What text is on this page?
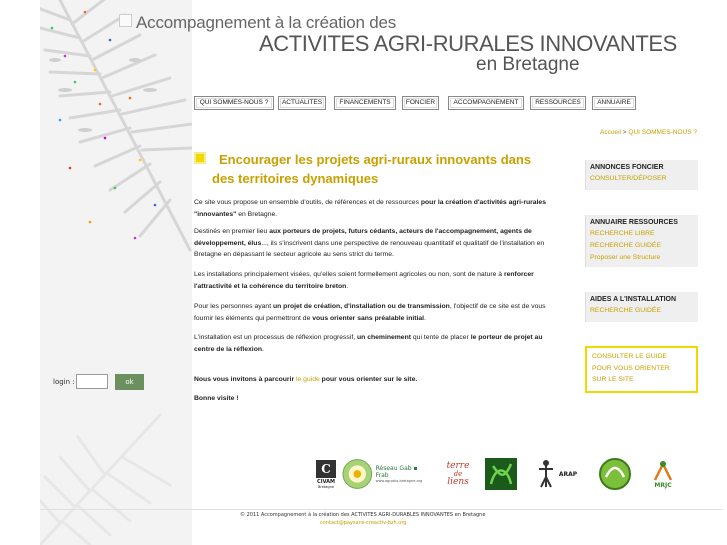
Accompagnement à la création des
ACTIVITES AGRI-RURALES INNOVANTES
en Bretagne
QUI SOMMES-NOUS ?	ACTUALITÉS	FINANCEMENTS	FONCIER	ACCOMPAGNEMENT	RESSOURCES	ANNUAIRE
Accueil > QUI SOMMES-NOUS ?
Encourager les projets agri-ruraux innovants dans des territoires dynamiques
Ce site vous propose un ensemble d'outils, de références et de ressources pour la création d'activités agri-rurales "innovantes" en Bretagne.
Destinés en premier lieu aux porteurs de projets, futurs cédants, acteurs de l'accompagnement, agents de développement, élus..., ils s'inscrivent dans une perspective de renouveau quantitatif et qualitatif de l'installation en Bretagne en dépassant le secteur agricole au sens strict du terme.
Les installations principalement visées, qu'elles soient formellement agricoles ou non, sont de nature à renforcer l'attractivité et la cohérence du territoire breton.
Pour les personnes ayant un projet de création, d'installation ou de transmission, l'objectif de ce site est de vous fournir les éléments qui permettront de vous orienter sans préalable initial.
L'installation est un processus de réflexion progressif, un cheminement qui tente de placer le porteur de projet au centre de la réflexion.
Nous vous invitons à parcourir le guide pour vous orienter sur le site.
Bonne visite !
login :	ok
ANNONCES FONCIER
CONSULTER/DÉPOSER
ANNUAIRE RESSOURCES
RECHERCHE LIBRE
RECHERCHE GUIDÉE
Proposer une Structure
AIDES A L'INSTALLATION
RECHERCHE GUIDÉE
CONSULTER LE GUIDE
POUR VOUS ORIENTER
SUR LE SITE
C
CIVAM
Bretagne
Réseau Gab ▪ Frab
www.agrobio-bretagne.org
terre
de
liens
ARAP
MRJC
© 2011 Accompagnement à la création des ACTIVITES AGRI-DURABLES INNOVANTES en Bretagne
contact@paysans-creactiv-bzh.org
